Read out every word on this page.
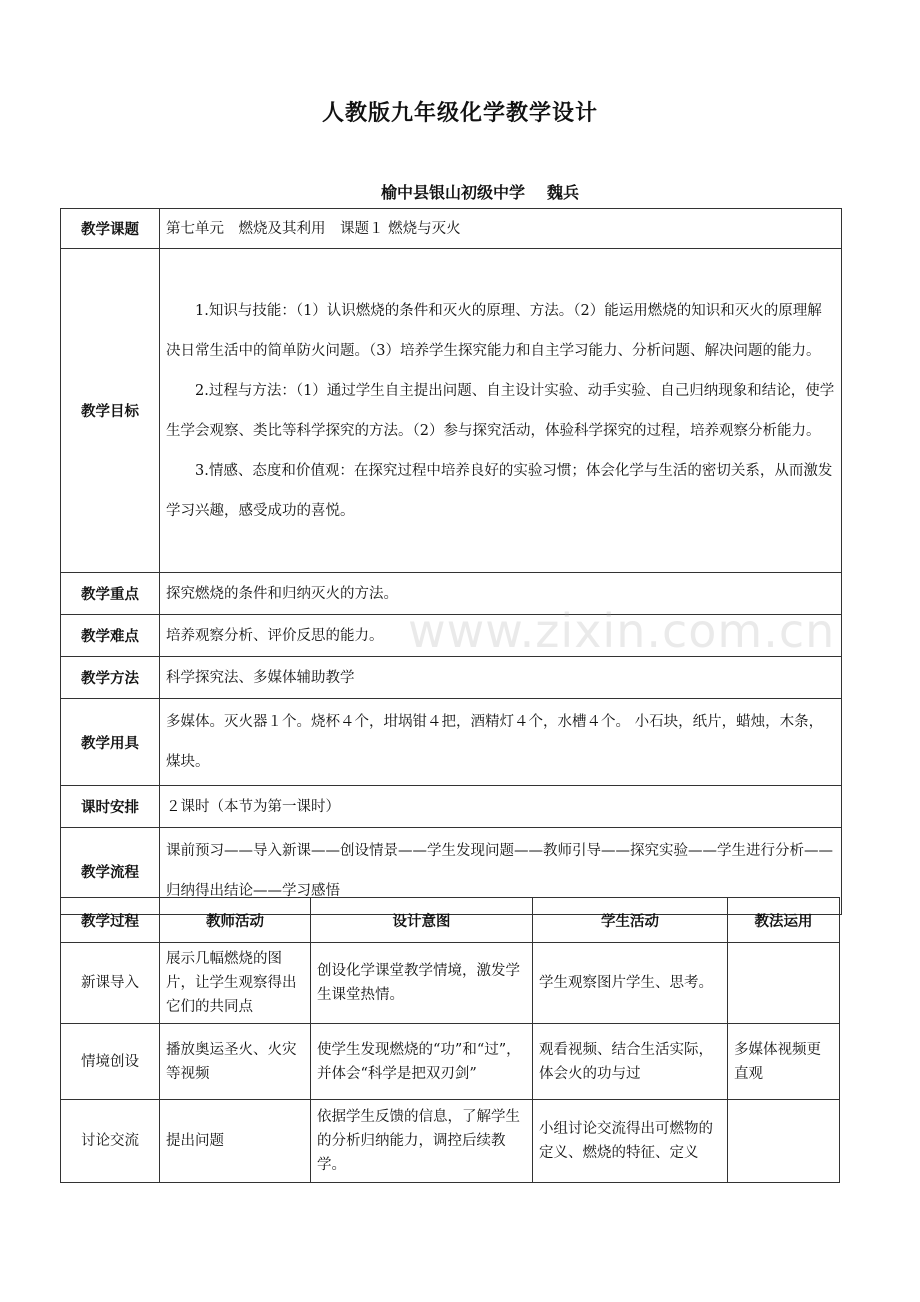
人教版九年级化学教学设计
榆中县银山初级中学 魏兵
教学课题	第七单元　燃烧及其利用　课题１ 燃烧与灭火
教学目标	1.知识与技能：（1）认识燃烧的条件和灭火的原理、方法。（2）能运用燃烧的知识和灭火的原理解决日常生活中的简单防火问题。（3）培养学生探究能力和自主学习能力、分析问题、解决问题的能力。

2.过程与方法：（1）通过学生自主提出问题、自主设计实验、动手实验、自己归纳现象和结论，使学生学会观察、类比等科学探究的方法。（2）参与探究活动，体验科学探究的过程，培养观察分析能力。

3.情感、态度和价值观：在探究过程中培养良好的实验习惯；体会化学与生活的密切关系，从而激发学习兴趣，感受成功的喜悦。

教学重点	探究燃烧的条件和归纳灭火的方法。
教学难点	培养观察分析、评价反思的能力。
教学方法	科学探究法、多媒体辅助教学
教学用具	多媒体。灭火器１个。烧杯４个，坩埚钳４把，酒精灯４个，水槽４个。 小石块，纸片，蜡烛，木条，煤块。
课时安排	２课时（本节为第一课时）
教学流程	课前预习——导入新课——创设情景——学生发现问题——教师引导——探究实验——学生进行分析——归纳得出结论——学习感悟
教学过程	教师活动	设计意图	学生活动	教法运用
新课导入	展示几幅燃烧的图片，让学生观察得出它们的共同点	创设化学课堂教学情境，激发学生课堂热情。	学生观察图片学生、思考。	
情境创设	播放奥运圣火、火灾等视频	使学生发现燃烧的“功”和“过”，并体会“科学是把双刃剑”	观看视频、结合生活实际，体会火的功与过	多媒体视频更直观
讨论交流	提出问题	依据学生反馈的信息，了解学生的分析归纳能力，调控后续教学。	小组讨论交流得出可燃物的定义、燃烧的特征、定义	
www.zixin.com.cn
